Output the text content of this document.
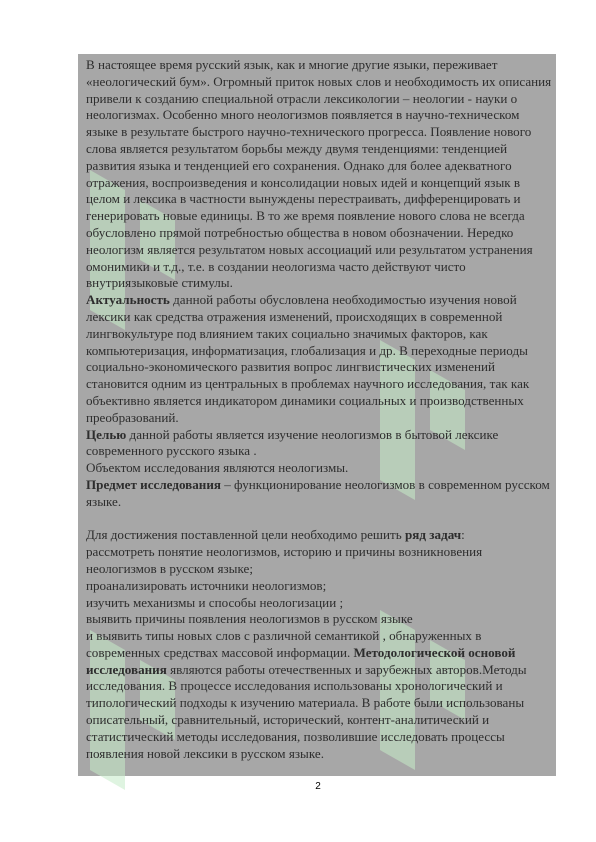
В настоящее время русский язык, как и многие другие языки, переживает «неологический бум». Огромный приток новых слов и необходимость их описания привели к созданию специальной отрасли лексикологии – неологии - науки о неологизмах. Особенно много неологизмов появляется в научно-техническом языке в результате быстрого научно-технического прогресса. Появление нового слова является результатом борьбы между двумя тенденциями: тенденцией развития языка и тенденцией его сохранения. Однако для более адекватного отражения, воспроизведения и консолидации новых идей и концепций язык в целом и лексика в частности вынуждены перестраивать, дифференцировать и генерировать новые единицы. В то же время появление нового слова не всегда обусловлено прямой потребностью общества в новом обозначении. Нередко неологизм является результатом новых ассоциаций или результатом устранения омонимики и т.д., т.е. в создании неологизма часто действуют чисто внутриязыковые стимулы.

Актуальность данной работы обусловлена необходимостью изучения новой лексики как средства отражения изменений, происходящих в современной лингвокультуре под влиянием таких социально значимых факторов, как компьютеризация, информатизация, глобализация и др. В переходные периоды социально-экономического развития вопрос лингвистических изменений становится одним из центральных в проблемах научного исследования, так как объективно является индикатором динамики социальных и производственных преобразований.

Целью данной работы является изучение неологизмов в бытовой лексике современного русского языка .

Объектом исследования являются неологизмы.

Предмет исследования – функционирование неологизмов в современном русском языке.

Для достижения поставленной цели необходимо решить ряд задач:

рассмотреть понятие неологизмов, историю и причины возникновения неологизмов в русском языке;

проанализировать источники неологизмов;

изучить механизмы и способы неологизации ;

выявить причины появления неологизмов в русском языке

и выявить типы новых слов с различной семантикой , обнаруженных в современных средствах массовой информации. Методологической основой исследования являются работы отечественных и зарубежных авторов.Методы исследования. В процессе исследования использованы хронологический и типологический подходы к изучению материала. В работе были использованы описательный, сравнительный, исторический, контент-аналитический и статистический методы исследования, позволившие исследовать процессы появления новой лексики в русском языке.

2
